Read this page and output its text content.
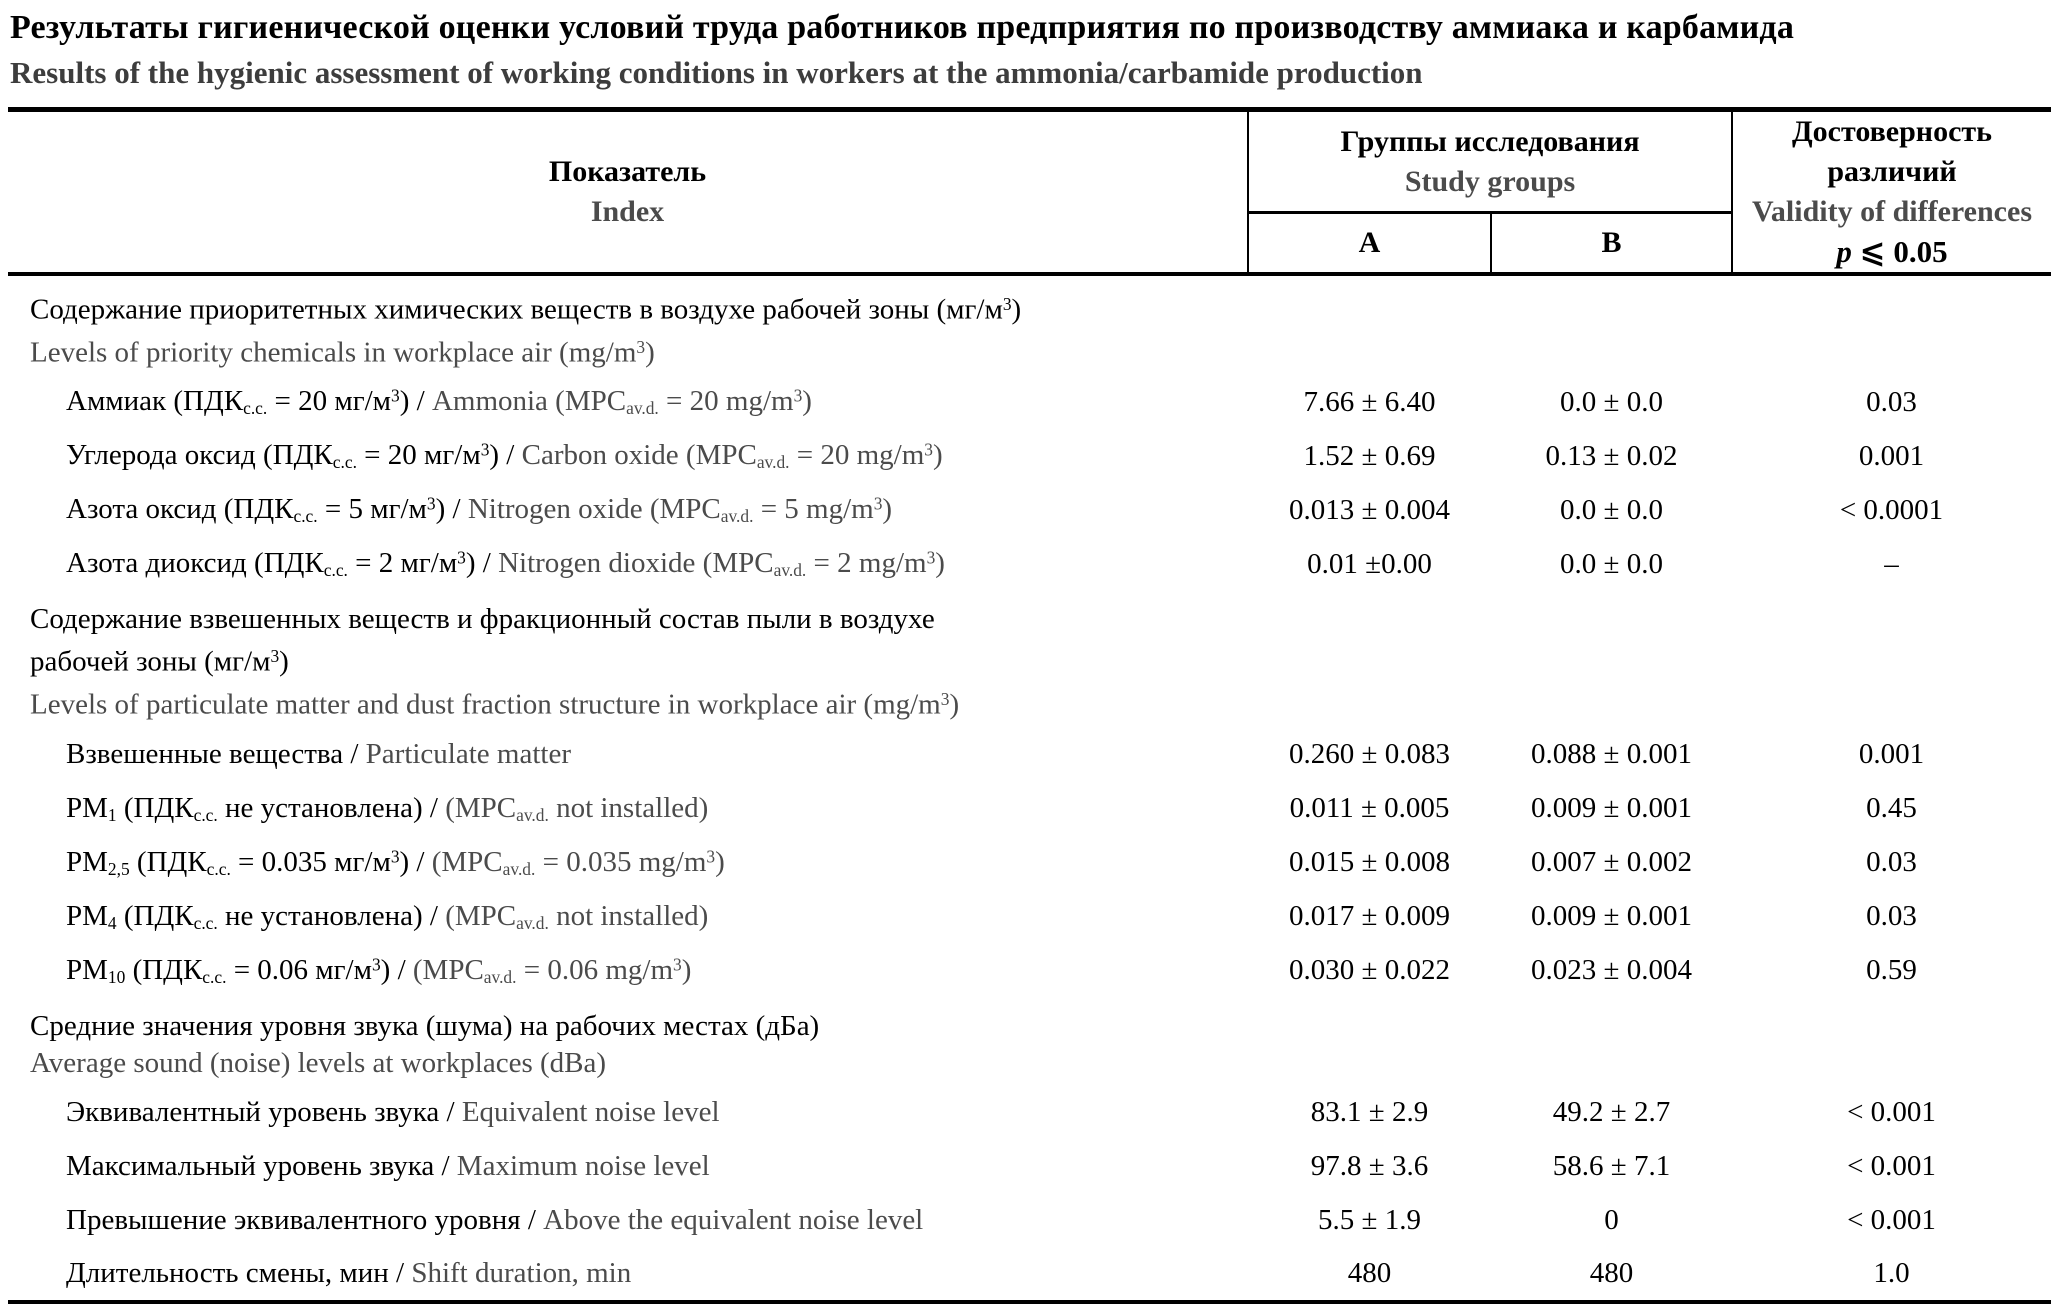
Результаты гигиенической оценки условий труда работников предприятия по производству аммиака и карбамида
Results of the hygienic assessment of working conditions in workers at the ammonia/carbamide production
Показатель
Index

Группы исследования
Study groups

Достоверность различий
Validity of differences
p ⩽ 0.05

	A	B	

Содержание приоритетных химических веществ в воздухе рабочей зоны $(мг/м^3)$
Levels of priority chemicals in workplace air $(mg/m^3)$			

Аммиак ($ПДК_{с.с.} = 20$ $мг/м^3$) / Ammonia ($MPC_{av.d.} = 20$ $mg/m^3$)	7.66 ± 6.40	0.0 ± 0.0	0.03
Углерода оксид ($ПДК_{с.с.} = 20$ $мг/м^3$) / Carbon oxide ($MPC_{av.d.} = 20$ $mg/m^3$)	1.52 ± 0.69	0.13 ± 0.02	0.001
Азота оксид ($ПДК_{с.с.} = 5$ $мг/м^3$) / Nitrogen oxide ($MPC_{av.d.} = 5$ $mg/m^3$)	0.013 ± 0.004	0.0 ± 0.0	< 0.0001
Азота диоксид ($ПДК_{с.с.} = 2$ $мг/м^3$) / Nitrogen dioxide ($MPC_{av.d.} = 2$ $mg/m^3$)	0.01 ±0.00	0.0 ± 0.0	–

Содержание взвешенных веществ и фракционный состав пыли в воздухе
рабочей зоны $(мг/м^3)$
Levels of particulate matter and dust fraction structure in workplace air $(mg/m^3)$			

Взвешенные вещества / Particulate matter	0.260 ± 0.083	0.088 ± 0.001	0.001
$PM_1$ ($ПДК_{с.с.}$ не установлена) / ($MPC_{av.d.}$ not installed)	0.011 ± 0.005	0.009 ± 0.001	0.45
$PM_{2,5}$ ($ПДК_{с.с.} = 0.035$ $мг/м^3) / (MPC_{av.d.} = 0.035$ $mg/m^3$)	0.015 ± 0.008	0.007 ± 0.002	0.03
$PM_4$ ($ПДК_{с.с.}$ не установлена) / ($MPC_{av.d.}$ not installed)	0.017 ± 0.009	0.009 ± 0.001	0.03
$PM_{10}$ ($ПДК_{с.с.} = 0.06$ $мг/м^3) / (MPC_{av.d.} = 0.06$ $mg/m^3$)	0.030 ± 0.022	0.023 ± 0.004	0.59

Средние значения уровня звука (шума) на рабочих местах (дБа)
Average sound (noise) levels at workplaces (dBa)			

Эквивалентный уровень звука / Equivalent noise level	83.1 ± 2.9	49.2 ± 2.7	< 0.001
Максимальный уровень звука / Maximum noise level	97.8 ± 3.6	58.6 ± 7.1	< 0.001
Превышение эквивалентного уровня / Above the equivalent noise level	5.5 ± 1.9	0	< 0.001
Длительность смены, мин / Shift duration, min	480	480	1.0
